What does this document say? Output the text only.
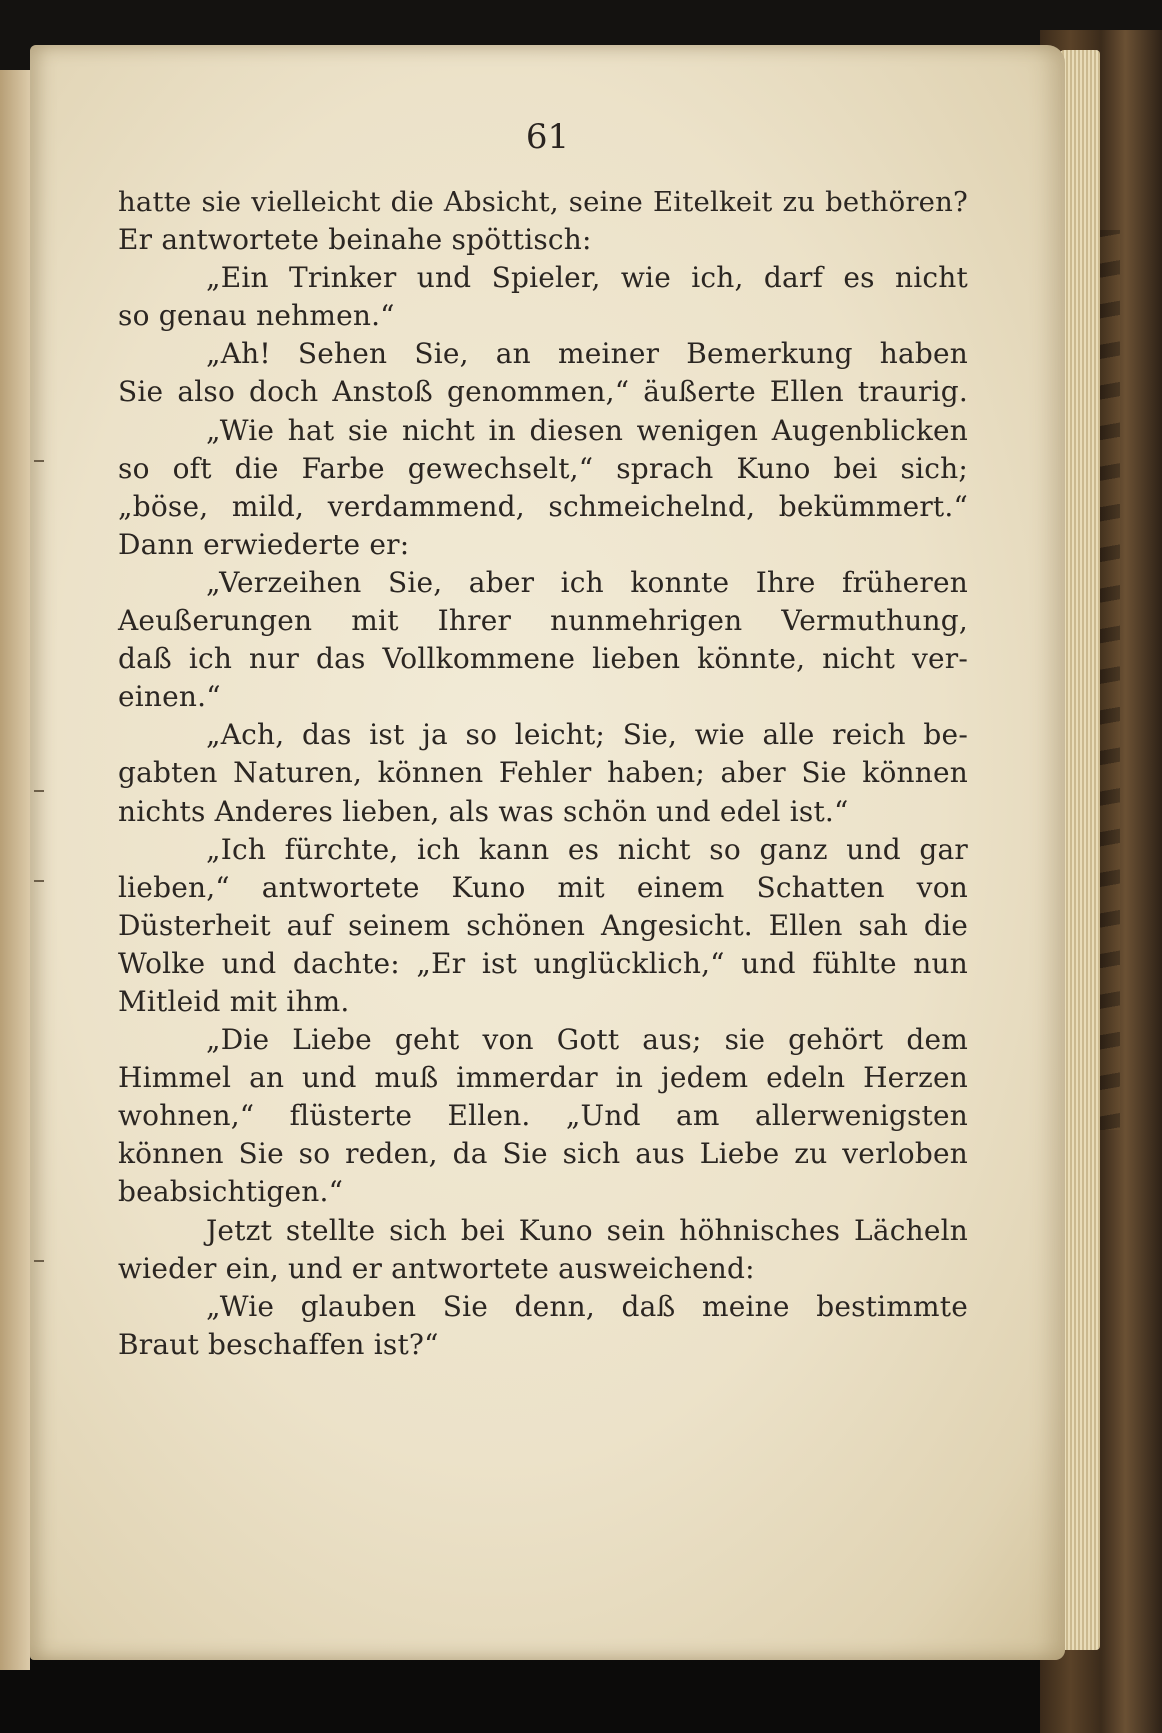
61
hatte sie vielleicht die Absicht, seine Eitelkeit zu bethören?
Er antwortete beinahe spöttisch:
„Ein Trinker und Spieler, wie ich, darf es nicht
so genau nehmen.“
„Ah! Sehen Sie, an meiner Bemerkung haben
Sie also doch Anstoß genommen,“ äußerte Ellen traurig.
„Wie hat sie nicht in diesen wenigen Augenblicken
so oft die Farbe gewechselt,“ sprach Kuno bei sich;
„böse, mild, verdammend, schmeichelnd, bekümmert.“
Dann erwiederte er:
„Verzeihen Sie, aber ich konnte Ihre früheren
Aeußerungen mit Ihrer nunmehrigen Vermuthung,
daß ich nur das Vollkommene lieben könnte, nicht ver-
einen.“
„Ach, das ist ja so leicht; Sie, wie alle reich be-
gabten Naturen, können Fehler haben; aber Sie können
nichts Anderes lieben, als was schön und edel ist.“
„Ich fürchte, ich kann es nicht so ganz und gar
lieben,“ antwortete Kuno mit einem Schatten von
Düsterheit auf seinem schönen Angesicht. Ellen sah die
Wolke und dachte: „Er ist unglücklich,“ und fühlte nun
Mitleid mit ihm.
„Die Liebe geht von Gott aus; sie gehört dem
Himmel an und muß immerdar in jedem edeln Herzen
wohnen,“ flüsterte Ellen. „Und am allerwenigsten
können Sie so reden, da Sie sich aus Liebe zu verloben
beabsichtigen.“
Jetzt stellte sich bei Kuno sein höhnisches Lächeln
wieder ein, und er antwortete ausweichend:
„Wie glauben Sie denn, daß meine bestimmte
Braut beschaffen ist?“
